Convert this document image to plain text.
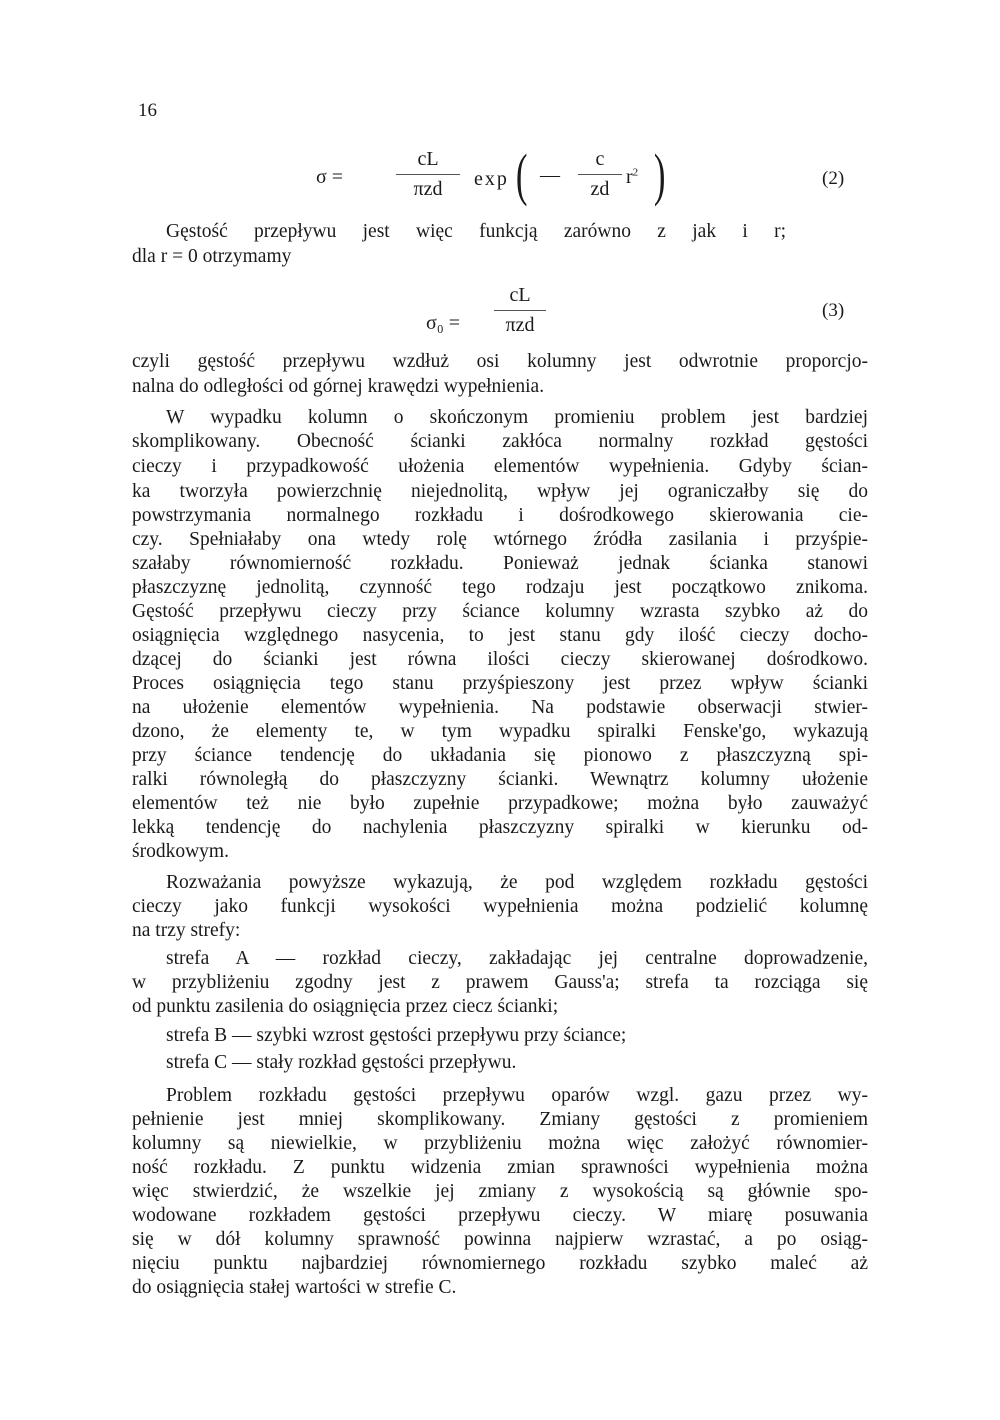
16
σ =
cL
πzd	exp ( —
c
zd
$r^2$ )	(2)
σ₀ =
cL
πzd
(3)
Gęstość przepływu jest więc funkcją zarówno z jak i r;
dla r = 0 otrzymamy
czyli gęstość przepływu wzdłuż osi kolumny jest odwrotnie proporcjo-
nalna do odległości od górnej krawędzi wypełnienia.
W wypadku kolumn o skończonym promieniu problem jest bardziej
skomplikowany. Obecność ścianki zakłóca normalny rozkład gęstości
cieczy i przypadkowość ułożenia elementów wypełnienia. Gdyby ścian-
ka tworzyła powierzchnię niejednolitą, wpływ jej ograniczałby się do
powstrzymania normalnego rozkładu i dośrodkowego skierowania cie-
czy. Spełniałaby ona wtedy rolę wtórnego źródła zasilania i przyśpie-
szałaby równomierność rozkładu. Ponieważ jednak ścianka stanowi
płaszczyznę jednolitą, czynność tego rodzaju jest początkowo znikoma.
Gęstość przepływu cieczy przy ściance kolumny wzrasta szybko aż do
osiągnięcia względnego nasycenia, to jest stanu gdy ilość cieczy docho-
dzącej do ścianki jest równa ilości cieczy skierowanej dośrodkowo.
Proces osiągnięcia tego stanu przyśpieszony jest przez wpływ ścianki
na ułożenie elementów wypełnienia. Na podstawie obserwacji stwier-
dzono, że elementy te, w tym wypadku spiralki Fenske'go, wykazują
przy ściance tendencję do układania się pionowo z płaszczyzną spi-
ralki równoległą do płaszczyzny ścianki. Wewnątrz kolumny ułożenie
elementów też nie było zupełnie przypadkowe; można było zauważyć
lekką tendencję do nachylenia płaszczyzny spiralki w kierunku od-
środkowym.
Rozważania powyższe wykazują, że pod względem rozkładu gęstości
cieczy jako funkcji wysokości wypełnienia można podzielić kolumnę
na trzy strefy:
strefa A — rozkład cieczy, zakładając jej centralne doprowadzenie,
w przybliżeniu zgodny jest z prawem Gauss'a; strefa ta rozciąga się
od punktu zasilenia do osiągnięcia przez ciecz ścianki;
strefa B — szybki wzrost gęstości przepływu przy ściance;
strefa C — stały rozkład gęstości przepływu.
Problem rozkładu gęstości przepływu oparów wzgl. gazu przez wy-
pełnienie jest mniej skomplikowany. Zmiany gęstości z promieniem
kolumny są niewielkie, w przybliżeniu można więc założyć równomier-
ność rozkładu. Z punktu widzenia zmian sprawności wypełnienia można
więc stwierdzić, że wszelkie jej zmiany z wysokością są głównie spo-
wodowane rozkładem gęstości przepływu cieczy. W miarę posuwania
się w dół kolumny sprawność powinna najpierw wzrastać, a po osiąg-
nięciu punktu najbardziej równomiernego rozkładu szybko maleć aż
do osiągnięcia stałej wartości w strefie C.
